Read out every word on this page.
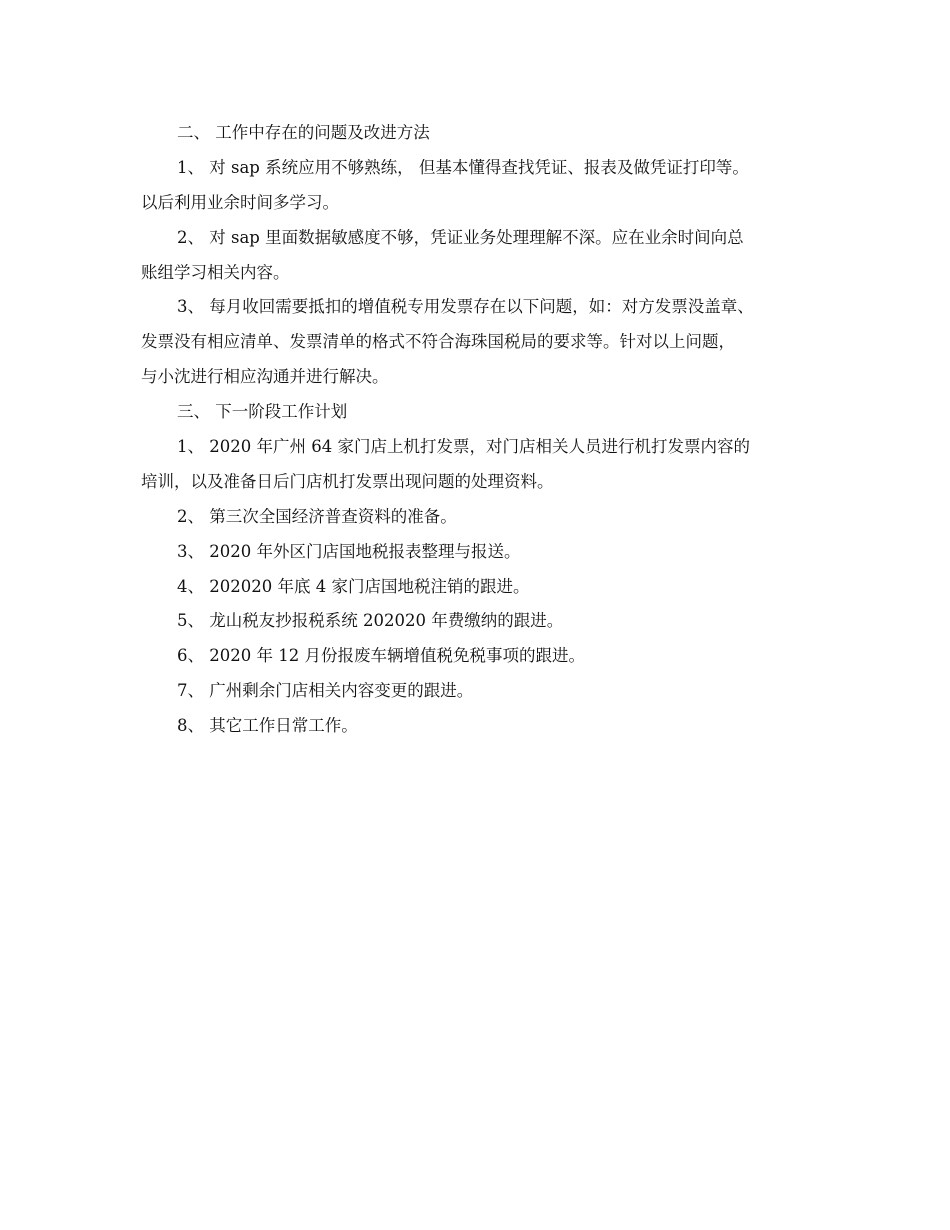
二、 工作中存在的问题及改进方法
1、 对 sap 系统应用不够熟练， 但基本懂得查找凭证、报表及做凭证打印等。
以后利用业余时间多学习。
2、 对 sap 里面数据敏感度不够，凭证业务处理理解不深。应在业余时间向总
账组学习相关内容。
3、 每月收回需要抵扣的增值税专用发票存在以下问题，如：对方发票没盖章、
发票没有相应清单、发票清单的格式不符合海珠国税局的要求等。针对以上问题，
与小沈进行相应沟通并进行解决。
三、 下一阶段工作计划
1、 2020 年广州 64 家门店上机打发票，对门店相关人员进行机打发票内容的
培训，以及准备日后门店机打发票出现问题的处理资料。
2、 第三次全国经济普查资料的准备。
3、 2020 年外区门店国地税报表整理与报送。
4、 202020 年底 4 家门店国地税注销的跟进。
5、 龙山税友抄报税系统 202020 年费缴纳的跟进。
6、 2020 年 12 月份报废车辆增值税免税事项的跟进。
7、 广州剩余门店相关内容变更的跟进。
8、 其它工作日常工作。
